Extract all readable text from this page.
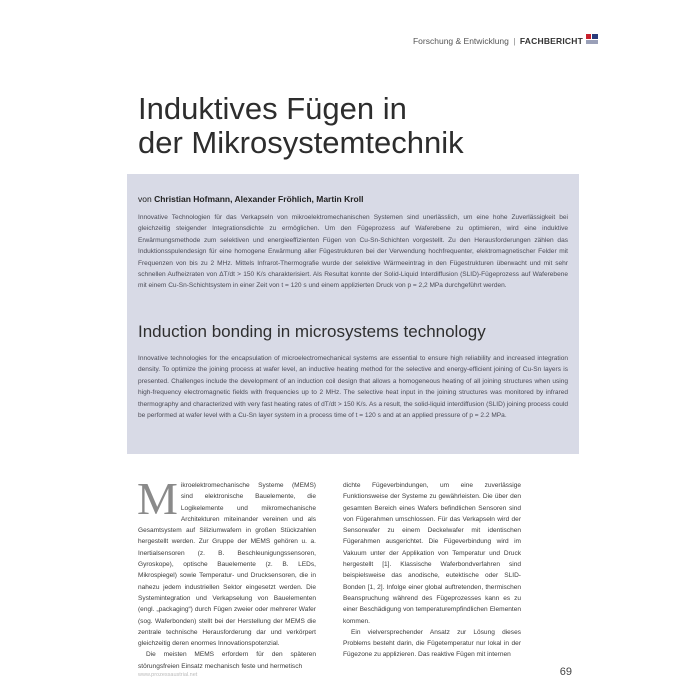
Forschung & Entwicklung | FACHBERICHT
Induktives Fügen in
der Mikrosystemtechnik

von Christian Hofmann, Alexander Fröhlich, Martin Kroll

Innovative Technologien für das Verkapseln von mikroelektromechanischen Systemen sind unerlässlich, um eine hohe Zuverlässigkeit bei gleichzeitig steigender Integrationsdichte zu ermöglichen. Um den Fügeprozess auf Waferebene zu optimieren, wird eine induktive Erwärmungsmethode zum selektiven und energieeffizienten Fügen von Cu-Sn-Schichten vorgestellt. Zu den Herausforderungen zählen das Induktionsspulendesign für eine homogene Erwärmung aller Fügestrukturen bei der Verwendung hochfrequenter, elektromagnetischer Felder mit Frequenzen von bis zu 2 MHz. Mittels Infrarot-Thermografie wurde der selektive Wärmeeintrag in den Fügestrukturen überwacht und mit sehr schnellen Aufheizraten von ΔT/dt > 150 K/s charakterisiert. Als Resultat konnte der Solid-Liquid Interdiffusion (SLID)-Fügeprozess auf Waferebene mit einem Cu-Sn-Schichtsystem in einer Zeit von t = 120 s und einem applizierten Druck von p = 2,2 MPa durchgeführt werden.

Induction bonding in microsystems technology

Innovative technologies for the encapsulation of microelectromechanical systems are essential to ensure high reliability and increased integration density. To optimize the joining process at wafer level, an inductive heating method for the selective and energy-efficient joining of Cu-Sn layers is presented. Challenges include the development of an induction coil design that allows a homogeneous heating of all joining structures when using high-frequency electromagnetic fields with frequencies up to 2 MHz. The selective heat input in the joining structures was monitored by infrared thermography and characterized with very fast heating rates of dT/dt > 150 K/s. As a result, the solid-liquid interdiffusion (SLID) joining process could be performed at wafer level with a Cu-Sn layer system in a process time of t = 120 s and at an applied pressure of p = 2.2 MPa.

Mikroelektromechanische Systeme (MEMS) sind elektronische Bauelemente, die Logikelemente und mikromechanische Architekturen miteinander vereinen und als Gesamtsystem auf Siliziumwafern in großen Stückzahlen hergestellt werden. Zur Gruppe der MEMS gehören u. a. Inertialsensoren (z. B. Beschleunigungssensoren, Gyroskope), optische Bauelemente (z. B. LEDs, Mikrospiegel) sowie Temperatur- und Drucksensoren, die in nahezu jedem industriellen Sektor eingesetzt werden. Die Systemintegration und Verkapselung von Bauelementen (engl. „packaging“) durch Fügen zweier oder mehrerer Wafer (sog. Waferbonden) stellt bei der Herstellung der MEMS die zentrale technische Herausforderung dar und verkörpert gleichzeitig deren enormes Innovationspotenzial.

Die meisten MEMS erfordern für den späteren störungsfreien Einsatz mechanisch feste und hermetisch

dichte Fügeverbindungen, um eine zuverlässige Funktionsweise der Systeme zu gewährleisten. Die über den gesamten Bereich eines Wafers befindlichen Sensoren sind von Fügerahmen umschlossen. Für das Verkapseln wird der Sensorwafer zu einem Deckelwafer mit identischen Fügerahmen ausgerichtet. Die Fügeverbindung wird im Vakuum unter der Applikation von Temperatur und Druck hergestellt [1]. Klassische Waferbondverfahren sind beispielsweise das anodische, eutektische oder SLID-Bonden [1, 2]. Infolge einer global auftretenden, thermischen Beanspruchung während des Fügeprozesses kann es zu einer Beschädigung von temperaturempfindlichen Elementen kommen.

Ein vielversprechender Ansatz zur Lösung dieses Problems besteht darin, die Fügetemperatur nur lokal in der Fügezone zu applizieren. Das reaktive Fügen mit internen

www.prozessaustrial.net	69
